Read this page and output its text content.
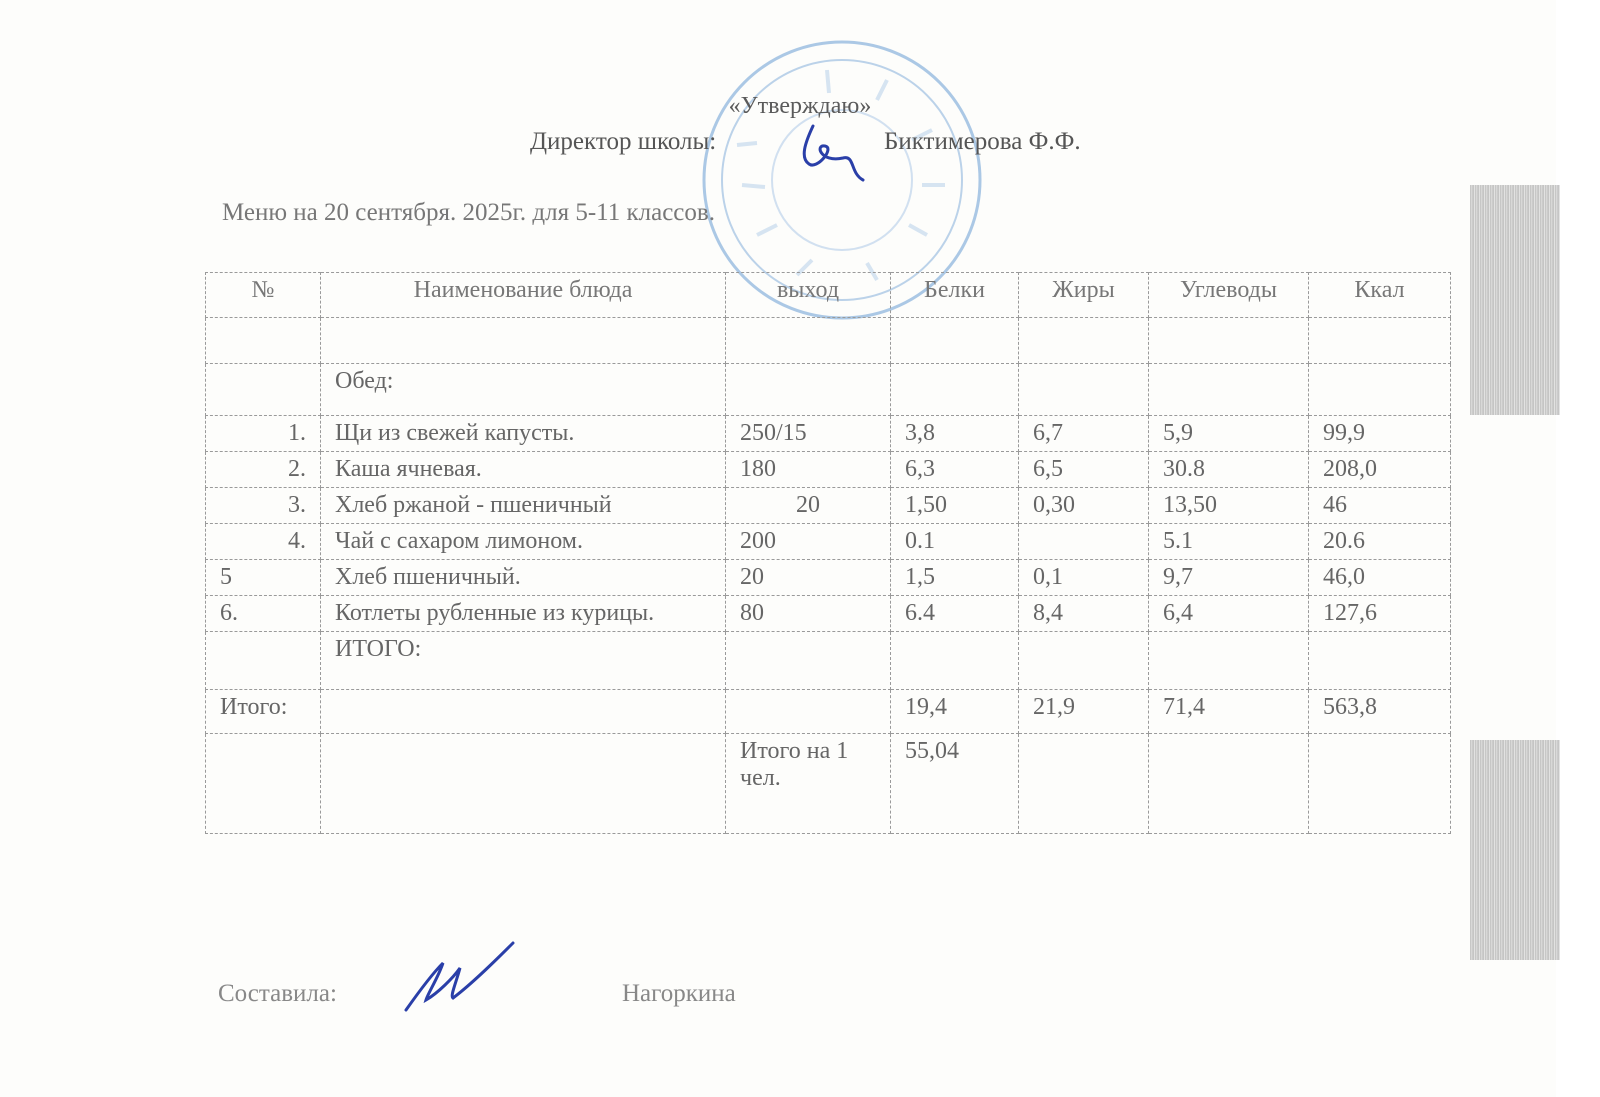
«Утверждаю»
Директор школы:	Биктимерова Ф.Ф.
Меню на 20 сентября. 2025г. для 5-11 классов.
№	Наименование блюда	выход	Белки	Жиры	Углеводы	Ккал

	Обед:					
1.	Щи из свежей капусты.	250/15	3,8	6,7	5,9	99,9
2.	Каша ячневая.	180	6,3	6,5	30.8	208,0
3.	Хлеб ржаной - пшеничный	20	1,50	0,30	13,50	46
4.	Чай с сахаром лимоном.	200	0.1		5.1	20.6
5	Хлеб пшеничный.	20	1,5	0,1	9,7	46,0
6.	Котлеты рубленные из курицы.	80	6.4	8,4	6,4	127,6
	ИТОГО:					
Итого:			19,4	21,9	71,4	563,8
		Итого на 1 чел.	55,04			
Составила:	Нагоркина
